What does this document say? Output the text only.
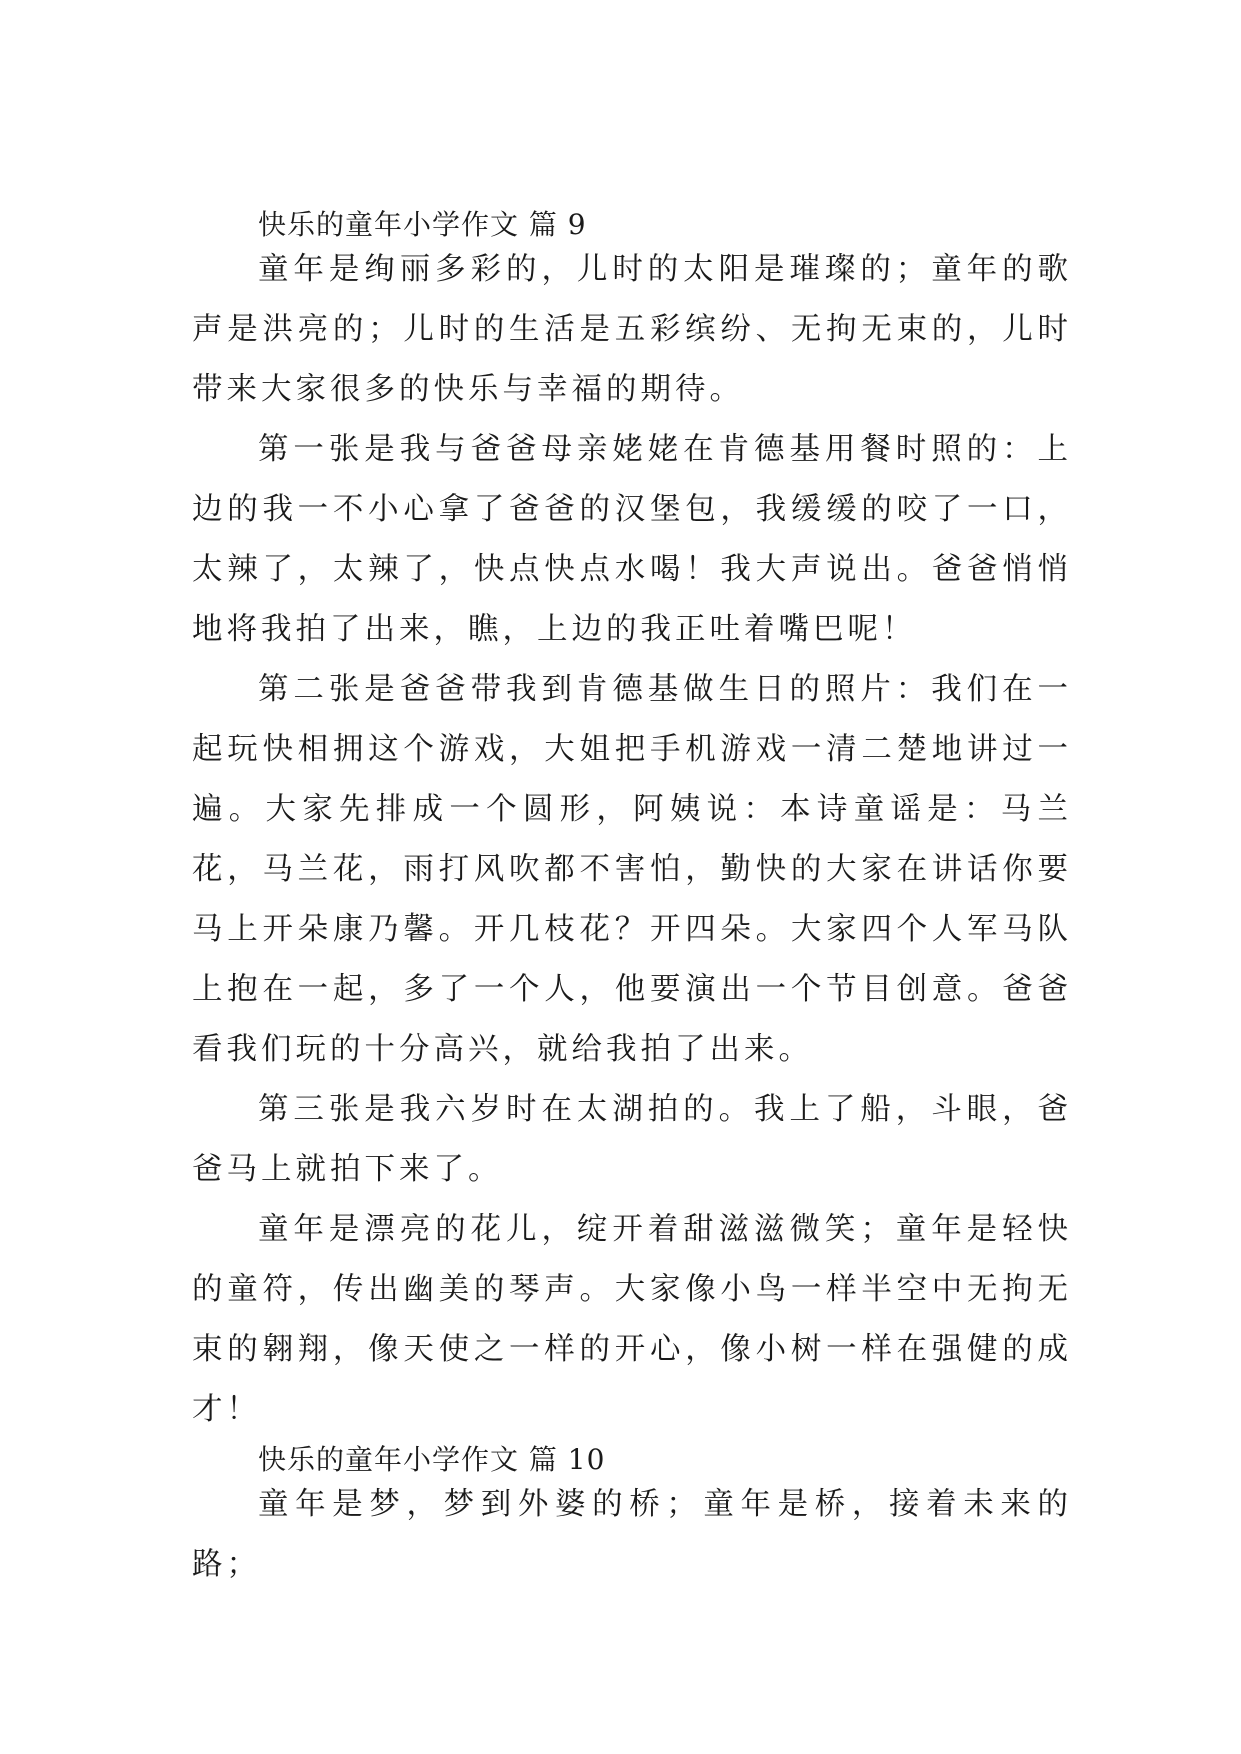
快乐的童年小学作文 篇 9

童年是绚丽多彩的，儿时的太阳是璀璨的；童年的歌声是洪亮的；儿时的生活是五彩缤纷、无拘无束的，儿时带来大家很多的快乐与幸福的期待。

第一张是我与爸爸母亲姥姥在肯德基用餐时照的：上边的我一不小心拿了爸爸的汉堡包，我缓缓的咬了一口，太辣了，太辣了，快点快点水喝！我大声说出。爸爸悄悄地将我拍了出来，瞧，上边的我正吐着嘴巴呢！

第二张是爸爸带我到肯德基做生日的照片：我们在一起玩快相拥这个游戏，大姐把手机游戏一清二楚地讲过一遍。大家先排成一个圆形，阿姨说：本诗童谣是：马兰花，马兰花，雨打风吹都不害怕，勤快的大家在讲话你要马上开朵康乃馨。开几枝花？开四朵。大家四个人军马队上抱在一起，多了一个人，他要演出一个节目创意。爸爸看我们玩的十分高兴，就给我拍了出来。

第三张是我六岁时在太湖拍的。我上了船，斗眼，爸爸马上就拍下来了。

童年是漂亮的花儿，绽开着甜滋滋微笑；童年是轻快的童符，传出幽美的琴声。大家像小鸟一样半空中无拘无束的翱翔，像天使之一样的开心，像小树一样在强健的成才！

快乐的童年小学作文 篇 10

童年是梦，梦到外婆的桥；童年是桥，接着未来的路；
